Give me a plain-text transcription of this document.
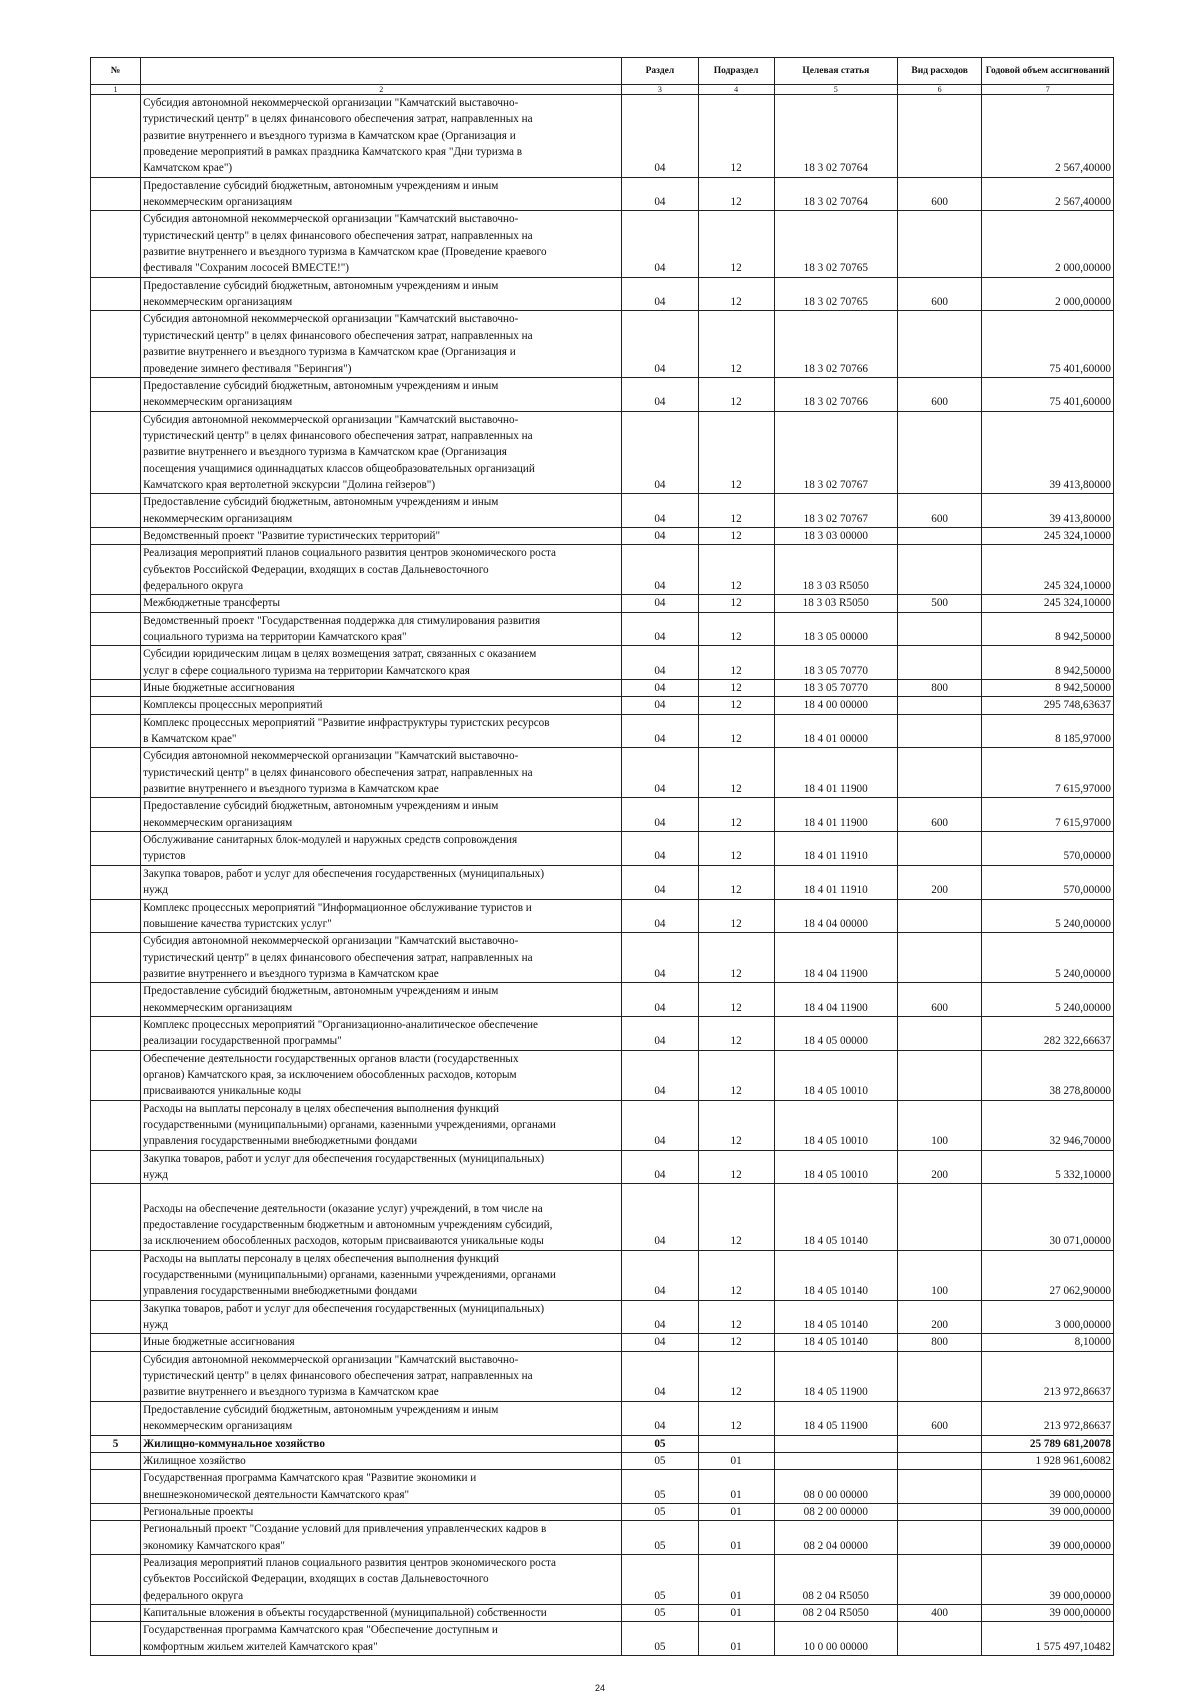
№		Раздел	Подраздел	Целевая статья	Вид расходов	Годовой объем ассигнований
1	2	3	4	5	6	7
	Субсидия автономной некоммерческой организации "Камчатский выставочно-
туристический центр" в целях финансового обеспечения затрат, направленных на
развитие внутреннего и въездного туризма в Камчатском крае (Организация и
проведение мероприятий в рамках праздника Камчатского края "Дни туризма в
Камчатском крае")	04	12	18 3 02 70764		2 567,40000
	Предоставление субсидий бюджетным, автономным учреждениям и иным
некоммерческим организациям	04	12	18 3 02 70764	600	2 567,40000
	Субсидия автономной некоммерческой организации "Камчатский выставочно-
туристический центр" в целях финансового обеспечения затрат, направленных на
развитие внутреннего и въездного туризма в Камчатском крае (Проведение краевого
фестиваля "Сохраним лососей ВМЕСТЕ!")	04	12	18 3 02 70765		2 000,00000
	Предоставление субсидий бюджетным, автономным учреждениям и иным
некоммерческим организациям	04	12	18 3 02 70765	600	2 000,00000
	Субсидия автономной некоммерческой организации "Камчатский выставочно-
туристический центр" в целях финансового обеспечения затрат, направленных на
развитие внутреннего и въездного туризма в Камчатском крае (Организация и
проведение зимнего фестиваля "Берингия")	04	12	18 3 02 70766		75 401,60000
	Предоставление субсидий бюджетным, автономным учреждениям и иным
некоммерческим организациям	04	12	18 3 02 70766	600	75 401,60000
	Субсидия автономной некоммерческой организации "Камчатский выставочно-
туристический центр" в целях финансового обеспечения затрат, направленных на
развитие внутреннего и въездного туризма в Камчатском крае (Организация
посещения учащимися одиннадцатых классов общеобразовательных организаций
Камчатского края вертолетной экскурсии "Долина гейзеров")	04	12	18 3 02 70767		39 413,80000
	Предоставление субсидий бюджетным, автономным учреждениям и иным
некоммерческим организациям	04	12	18 3 02 70767	600	39 413,80000
	Ведомственный проект "Развитие туристических территорий"	04	12	18 3 03 00000		245 324,10000
	Реализация мероприятий планов социального развития центров экономического роста
субъектов Российской Федерации, входящих в состав Дальневосточного
федерального округа	04	12	18 3 03 R5050		245 324,10000
	Межбюджетные трансферты	04	12	18 3 03 R5050	500	245 324,10000
	Ведомственный проект "Государственная поддержка для стимулирования развития
социального туризма на территории Камчатского края"	04	12	18 3 05 00000		8 942,50000
	Субсидии юридическим лицам в целях возмещения затрат, связанных с оказанием
услуг в сфере социального туризма на территории Камчатского края	04	12	18 3 05 70770		8 942,50000
	Иные бюджетные ассигнования	04	12	18 3 05 70770	800	8 942,50000
	Комплексы процессных мероприятий	04	12	18 4 00 00000		295 748,63637
	Комплекс процессных мероприятий "Развитие инфраструктуры туристских ресурсов
в Камчатском крае"	04	12	18 4 01 00000		8 185,97000
	Субсидия автономной некоммерческой организации "Камчатский выставочно-
туристический центр" в целях финансового обеспечения затрат, направленных на
развитие внутреннего и въездного туризма в Камчатском крае	04	12	18 4 01 11900		7 615,97000
	Предоставление субсидий бюджетным, автономным учреждениям и иным
некоммерческим организациям	04	12	18 4 01 11900	600	7 615,97000
	Обслуживание санитарных блок-модулей и наружных средств сопровождения
туристов	04	12	18 4 01 11910		570,00000
	Закупка товаров, работ и услуг для обеспечения государственных (муниципальных)
нужд	04	12	18 4 01 11910	200	570,00000
	Комплекс процессных мероприятий "Информационное обслуживание туристов и
повышение качества туристских услуг"	04	12	18 4 04 00000		5 240,00000
	Субсидия автономной некоммерческой организации "Камчатский выставочно-
туристический центр" в целях финансового обеспечения затрат, направленных на
развитие внутреннего и въездного туризма в Камчатском крае	04	12	18 4 04 11900		5 240,00000
	Предоставление субсидий бюджетным, автономным учреждениям и иным
некоммерческим организациям	04	12	18 4 04 11900	600	5 240,00000
	Комплекс процессных мероприятий "Организационно-аналитическое обеспечение
реализации государственной программы"	04	12	18 4 05 00000		282 322,66637
	Обеспечение деятельности государственных органов власти (государственных
органов) Камчатского края, за исключением обособленных расходов, которым
присваиваются уникальные коды	04	12	18 4 05 10010		38 278,80000
	Расходы на выплаты персоналу в целях обеспечения выполнения функций
государственными (муниципальными) органами, казенными учреждениями, органами
управления государственными внебюджетными фондами	04	12	18 4 05 10010	100	32 946,70000
	Закупка товаров, работ и услуг для обеспечения государственных (муниципальных)
нужд	04	12	18 4 05 10010	200	5 332,10000

Расходы на обеспечение деятельности (оказание услуг) учреждений, в том числе на
предоставление государственным бюджетным и автономным учреждениям субсидий,
за исключением обособленных расходов, которым присваиваются уникальные коды	04	12	18 4 05 10140		30 071,00000
	Расходы на выплаты персоналу в целях обеспечения выполнения функций
государственными (муниципальными) органами, казенными учреждениями, органами
управления государственными внебюджетными фондами	04	12	18 4 05 10140	100	27 062,90000
	Закупка товаров, работ и услуг для обеспечения государственных (муниципальных)
нужд	04	12	18 4 05 10140	200	3 000,00000
	Иные бюджетные ассигнования	04	12	18 4 05 10140	800	8,10000
	Субсидия автономной некоммерческой организации "Камчатский выставочно-
туристический центр" в целях финансового обеспечения затрат, направленных на
развитие внутреннего и въездного туризма в Камчатском крае	04	12	18 4 05 11900		213 972,86637
	Предоставление субсидий бюджетным, автономным учреждениям и иным
некоммерческим организациям	04	12	18 4 05 11900	600	213 972,86637
5	Жилищно-коммунальное хозяйство	05				25 789 681,20078
	Жилищное хозяйство	05	01			1 928 961,60082
	Государственная программа Камчатского края "Развитие экономики и
внешнеэкономической деятельности Камчатского края"	05	01	08 0 00 00000		39 000,00000
	Региональные проекты	05	01	08 2 00 00000		39 000,00000
	Региональный проект "Создание условий для привлечения управленческих кадров в
экономику Камчатского края"	05	01	08 2 04 00000		39 000,00000
	Реализация мероприятий планов социального развития центров экономического роста
субъектов Российской Федерации, входящих в состав Дальневосточного
федерального округа	05	01	08 2 04 R5050		39 000,00000
	Капитальные вложения в объекты государственной (муниципальной) собственности	05	01	08 2 04 R5050	400	39 000,00000
	Государственная программа Камчатского края "Обеспечение доступным и
комфортным жильем жителей Камчатского края"	05	01	10 0 00 00000		1 575 497,10482
24
